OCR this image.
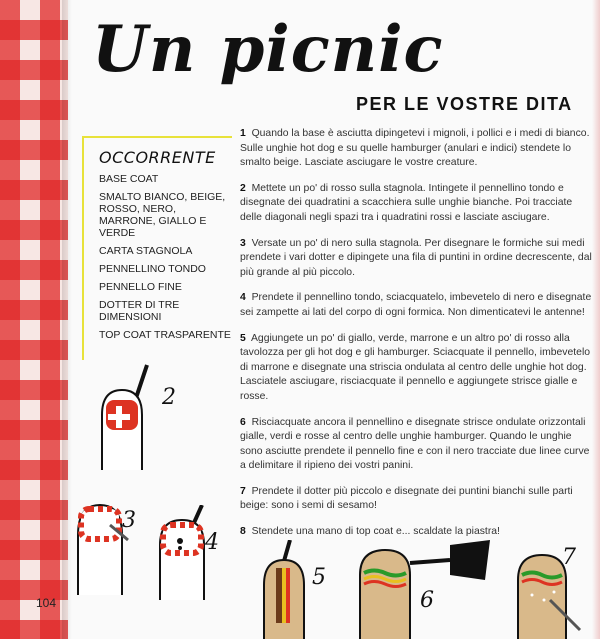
Un picnic
PER LE VOSTRE DITA
OCCORRENTE
BASE COAT
SMALTO BIANCO, BEIGE, ROSSO, NERO, MARRONE, GIALLO E VERDE
CARTA STAGNOLA
PENNELLINO TONDO
PENNELLO FINE
DOTTER DI TRE DIMENSIONI
TOP COAT TRASPARENTE

1 Quando la base è asciutta dipingetevi i mignoli, i pollici e i medi di bianco. Sulle unghie hot dog e su quelle hamburger (anulari e indici) stendete lo smalto beige. Lasciate asciugare le vostre creature.

2 Mettete un po' di rosso sulla stagnola. Intingete il pennellino tondo e disegnate dei quadratini a scacchiera sulle unghie bianche. Poi tracciate delle diagonali negli spazi tra i quadratini rossi e lasciate asciugare.

3 Versate un po' di nero sulla stagnola. Per disegnare le formiche sui medi prendete i vari dotter e dipingete una fila di puntini in ordine decrescente, dal più grande al più piccolo.

4 Prendete il pennellino tondo, sciacquatelo, imbevetelo di nero e disegnate sei zampette ai lati del corpo di ogni formica. Non dimenticatevi le antenne!

5 Aggiungete un po' di giallo, verde, marrone e un altro po' di rosso alla tavolozza per gli hot dog e gli hamburger. Sciacquate il pennello, imbevetelo di marrone e disegnate una striscia ondulata al centro delle unghie hot dog. Lasciatele asciugare, risciacquate il pennello e aggiungete strisce gialle e rosse.

6 Risciacquate ancora il pennellino e disegnate strisce ondulate orizzontali gialle, verdi e rosse al centro delle unghie hamburger. Quando le unghie sono asciutte prendete il pennello fine e con il nero tracciate due linee curve a delimitare il ripieno dei vostri panini.

7 Prendete il dotter più piccolo e disegnate dei puntini bianchi sulle parti beige: sono i semi di sesamo!

8 Stendete una mano di top coat e... scaldate la piastra!

2
3
4
5
6
7
104
